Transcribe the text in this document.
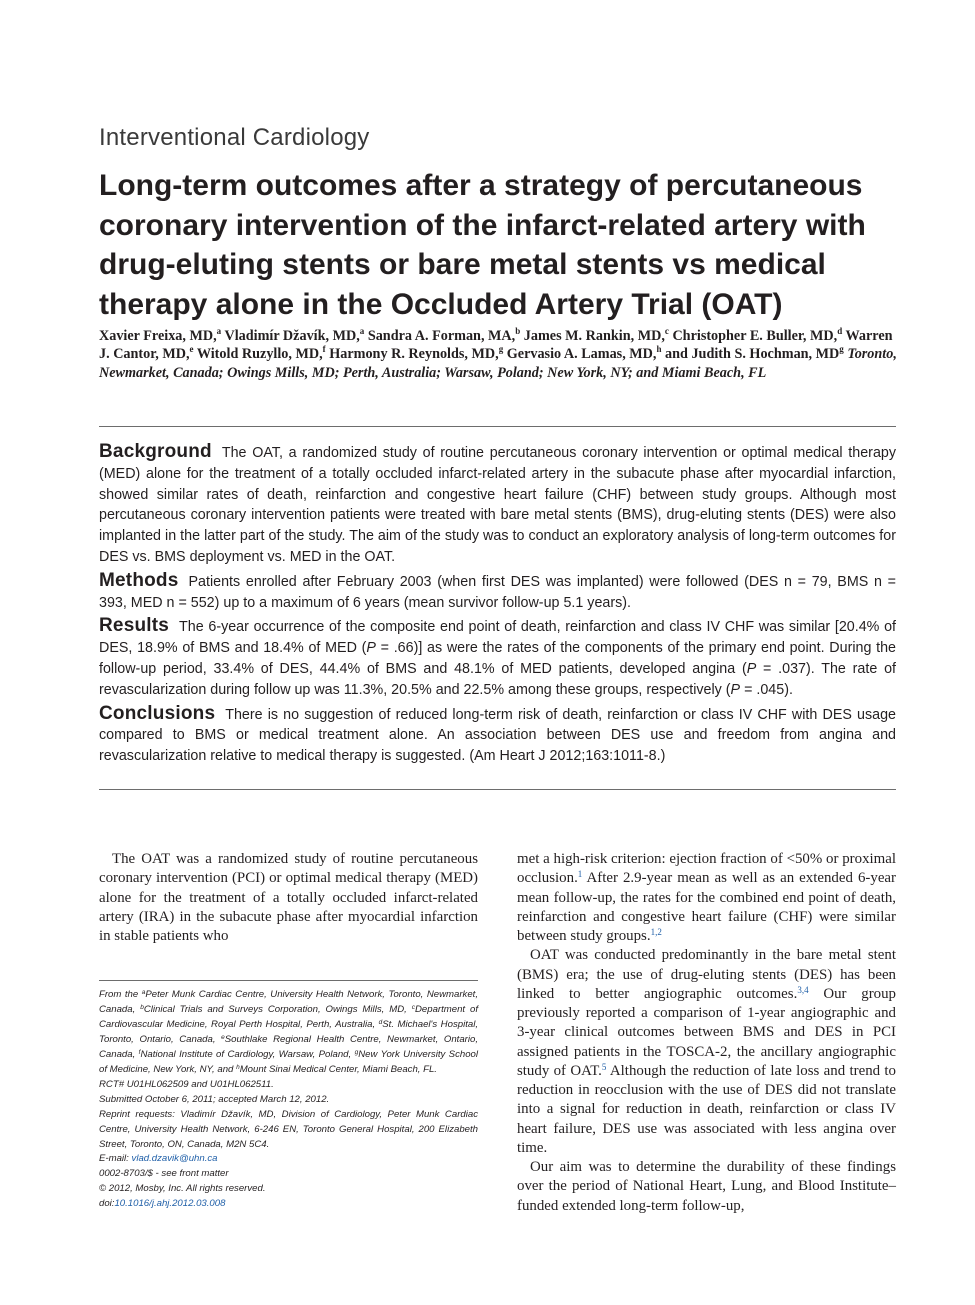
Interventional Cardiology
Long-term outcomes after a strategy of percutaneous coronary intervention of the infarct-related artery with drug-eluting stents or bare metal stents vs medical therapy alone in the Occluded Artery Trial (OAT)
Xavier Freixa, MD,$^a$ Vladimír Džavík, MD,$^a$ Sandra A. Forman, MA,$^b$ James M. Rankin, MD,$^c$ Christopher E. Buller, MD,$^d$ Warren J. Cantor, MD,$^e$ Witold Ruzyllo, MD,$^f$ Harmony R. Reynolds, MD,$^g$ Gervasio A. Lamas, MD,$^h$ and Judith S. Hochman, $MD^g$ Toronto, Newmarket, Canada; Owings Mills, MD; Perth, Australia; Warsaw, Poland; New York, NY; and Miami Beach, FL

Background The OAT, a randomized study of routine percutaneous coronary intervention or optimal medical therapy (MED) alone for the treatment of a totally occluded infarct-related artery in the subacute phase after myocardial infarction, showed similar rates of death, reinfarction and congestive heart failure (CHF) between study groups. Although most percutaneous coronary intervention patients were treated with bare metal stents (BMS), drug-eluting stents (DES) were also implanted in the latter part of the study. The aim of the study was to conduct an exploratory analysis of long-term outcomes for DES vs. BMS deployment vs. MED in the OAT.

Methods Patients enrolled after February 2003 (when first DES was implanted) were followed (DES n = 79, BMS n = 393, MED n = 552) up to a maximum of 6 years (mean survivor follow-up 5.1 years).

Results The 6-year occurrence of the composite end point of death, reinfarction and class IV CHF was similar [20.4% of DES, 18.9% of BMS and 18.4% of MED (P = .66)] as were the rates of the components of the primary end point. During the follow-up period, 33.4% of DES, 44.4% of BMS and 48.1% of MED patients, developed angina (P = .037). The rate of revascularization during follow up was 11.3%, 20.5% and 22.5% among these groups, respectively (P = .045).

Conclusions There is no suggestion of reduced long-term risk of death, reinfarction or class IV CHF with DES usage compared to BMS or medical treatment alone. An association between DES use and freedom from angina and revascularization relative to medical therapy is suggested. (Am Heart J 2012;163:1011-8.)

The OAT was a randomized study of routine percutaneous coronary intervention (PCI) or optimal medical therapy (MED) alone for the treatment of a totally occluded infarct-related artery (IRA) in the subacute phase after myocardial infarction in stable patients who

From the $^a$Peter Munk Cardiac Centre, University Health Network, Toronto, Newmarket, Canada, $^b$Clinical Trials and Surveys Corporation, Owings Mills, MD, $^c$Department of Cardiovascular Medicine, Royal Perth Hospital, Perth, Australia, $^d$St. Michael's Hospital, Toronto, Ontario, Canada, $^e$Southlake Regional Health Centre, Newmarket, Ontario, Canada, $^f$National Institute of Cardiology, Warsaw, Poland, $^g$New York University School of Medicine, New York, NY, and $^h$Mount Sinai Medical Center, Miami Beach, FL.

RCT# U01HL062509 and U01HL062511.

Submitted October 6, 2011; accepted March 12, 2012.

Reprint requests: Vladimír Džavík, MD, Division of Cardiology, Peter Munk Cardiac Centre, University Health Network, 6-246 EN, Toronto General Hospital, 200 Elizabeth Street, Toronto, ON, Canada, M2N 5C4.

E-mail: vlad.dzavik@uhn.ca

0002-8703/$ - see front matter

© 2012, Mosby, Inc. All rights reserved.

doi:10.1016/j.ahj.2012.03.008

met a high-risk criterion: ejection fraction of <50% or proximal occlusion.$^1$ After 2.9-year mean as well as an extended 6-year mean follow-up, the rates for the combined end point of death, reinfarction and congestive heart failure (CHF) were similar between study groups.$^{1,2}$

OAT was conducted predominantly in the bare metal stent (BMS) era; the use of drug-eluting stents (DES) has been linked to better angiographic outcomes.$^{3,4}$ Our group previously reported a comparison of 1-year angiographic and 3-year clinical outcomes between BMS and DES in PCI assigned patients in the TOSCA-2, the ancillary angiographic study of OAT.$^5$ Although the reduction of late loss and trend to reduction in reocclusion with the use of DES did not translate into a signal for reduction in death, reinfarction or class IV heart failure, DES use was associated with less angina over time.

Our aim was to determine the durability of these findings over the period of National Heart, Lung, and Blood Institute–funded extended long-term follow-up,
